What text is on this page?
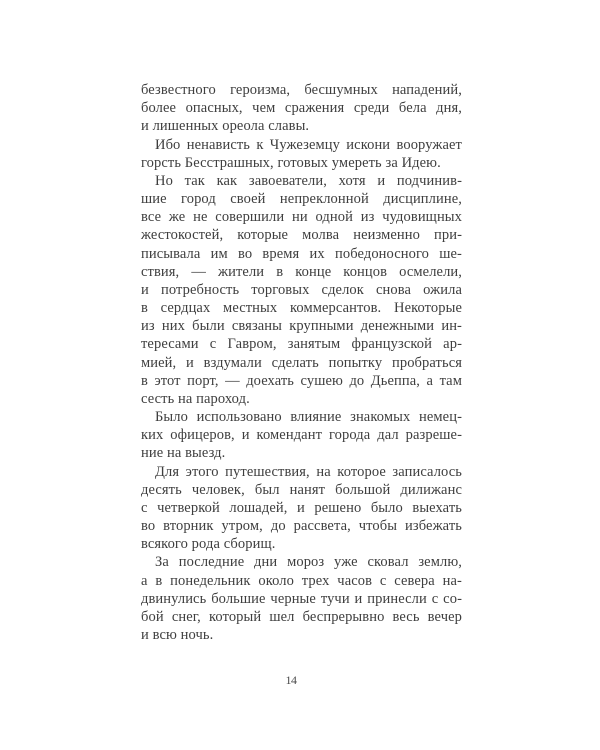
безвестного героизма, бесшумных нападений,
более опасных, чем сражения среди бела дня,
и лишенных ореола славы.
Ибо ненависть к Чужеземцу искони вооружает
горсть Бесстрашных, готовых умереть за Идею.
Но так как завоеватели, хотя и подчинив-
шие город своей непреклонной дисциплине,
все же не совершили ни одной из чудовищных
жестокостей, которые молва неизменно при-
писывала им во время их победоносного ше-
ствия, — жители в конце концов осмелели,
и потребность торговых сделок снова ожила
в сердцах местных коммерсантов. Некоторые
из них были связаны крупными денежными ин-
тересами с Гавром, занятым французской ар-
мией, и вздумали сделать попытку пробраться
в этот порт, — доехать сушею до Дьеппа, а там
сесть на пароход.
Было использовано влияние знакомых немец-
ких офицеров, и комендант города дал разреше-
ние на выезд.
Для этого путешествия, на которое записалось
десять человек, был нанят большой дилижанс
с четверкой лошадей, и решено было выехать
во вторник утром, до рассвета, чтобы избежать
всякого рода сборищ.
За последние дни мороз уже сковал землю,
а в понедельник около трех часов с севера на-
двинулись большие черные тучи и принесли с со-
бой снег, который шел беспрерывно весь вечер
и всю ночь.
14
